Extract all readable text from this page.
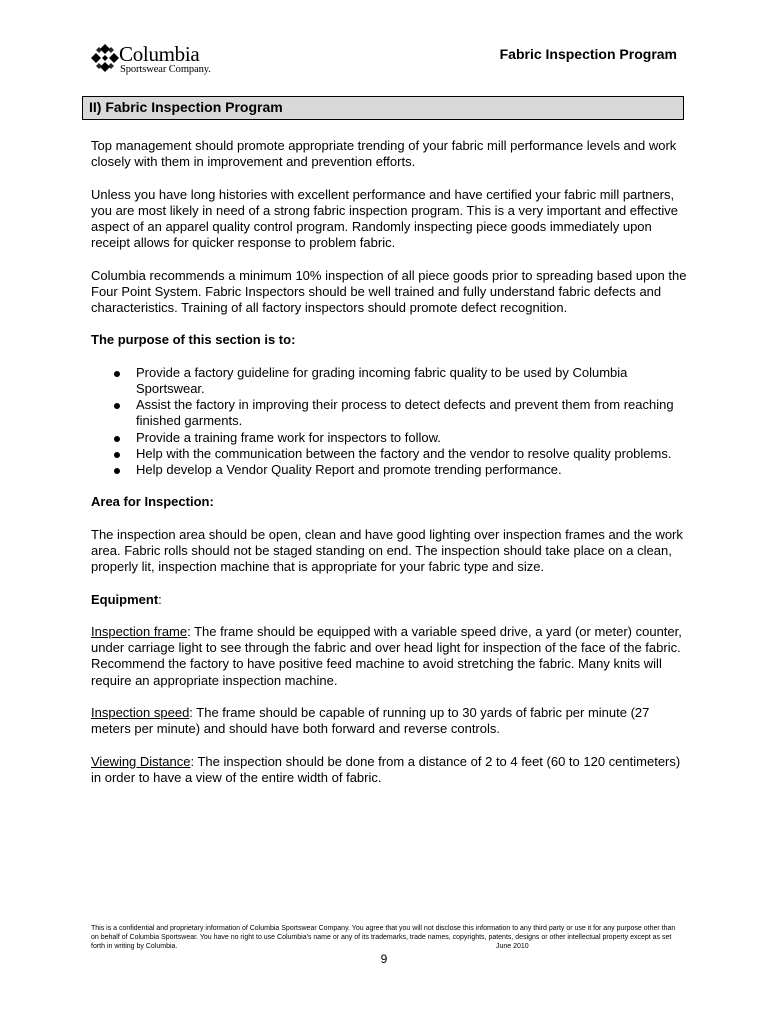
Columbia
Sportswear Company.
Fabric Inspection Program
II) Fabric Inspection Program

Top management should promote appropriate trending of your fabric mill performance levels and work closely with them in improvement and prevention efforts.

Unless you have long histories with excellent performance and have certified your fabric mill partners, you are most likely in need of a strong fabric inspection program. This is a very important and effective aspect of an apparel quality control program. Randomly inspecting piece goods immediately upon receipt allows for quicker response to problem fabric.

Columbia recommends a minimum 10% inspection of all piece goods prior to spreading based upon the Four Point System. Fabric Inspectors should be well trained and fully understand fabric defects and characteristics. Training of all factory inspectors should promote defect recognition.

The purpose of this section is to:

Provide a factory guideline for grading incoming fabric quality to be used by Columbia Sportswear.
Assist the factory in improving their process to detect defects and prevent them from reaching finished garments.
Provide a training frame work for inspectors to follow.
Help with the communication between the factory and the vendor to resolve quality problems.
Help develop a Vendor Quality Report and promote trending performance.

Area for Inspection:

The inspection area should be open, clean and have good lighting over inspection frames and the work area. Fabric rolls should not be staged standing on end. The inspection should take place on a clean, properly lit, inspection machine that is appropriate for your fabric type and size.

Equipment:

Inspection frame: The frame should be equipped with a variable speed drive, a yard (or meter) counter, under carriage light to see through the fabric and over head light for inspection of the face of the fabric. Recommend the factory to have positive feed machine to avoid stretching the fabric. Many knits will require an appropriate inspection machine.

Inspection speed: The frame should be capable of running up to 30 yards of fabric per minute (27 meters per minute) and should have both forward and reverse controls.

Viewing Distance: The inspection should be done from a distance of 2 to 4 feet (60 to 120 centimeters) in order to have a view of the entire width of fabric.

This is a confidential and proprietary information of Columbia Sportswear Company. You agree that you will not disclose this information to any third party or use it for any purpose other than on behalf of Columbia Sportswear. You have no right to use Columbia's name or any of its trademarks, trade names, copyrights, patents, designs or other intellectual property except as set forth in writing by Columbia.	June 2010
9
